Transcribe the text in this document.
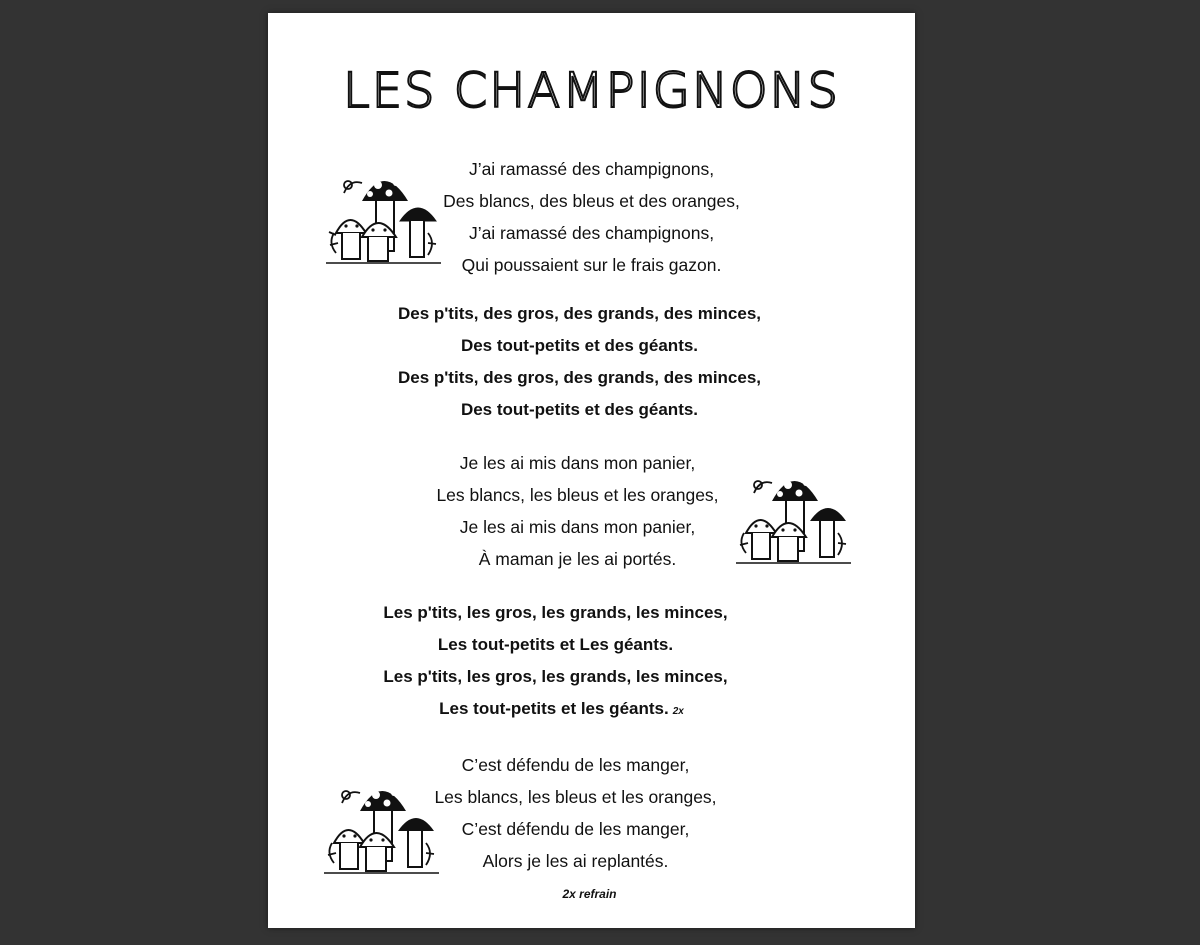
LES CHAMPIGNONS
J’ai ramassé des champignons,
Des blancs, des bleus et des oranges,
J’ai ramassé des champignons,
Qui poussaient sur le frais gazon.
Des p'tits, des gros, des grands, des minces,
Des tout-petits et des géants.
Des p'tits, des gros, des grands, des minces,
Des tout-petits et des géants.
Je les ai mis dans mon panier,
Les blancs, les bleus et les oranges,
Je les ai mis dans mon panier,
À maman je les ai portés.
Les p'tits, les gros, les grands, les minces,
Les tout-petits et Les géants.
Les p'tits, les gros, les grands, les minces,
Les tout-petits et les géants. 2x
C’est défendu de les manger,
Les blancs, les bleus et les oranges,
C’est défendu de les manger,
Alors je les ai replantés.
2x refrain
